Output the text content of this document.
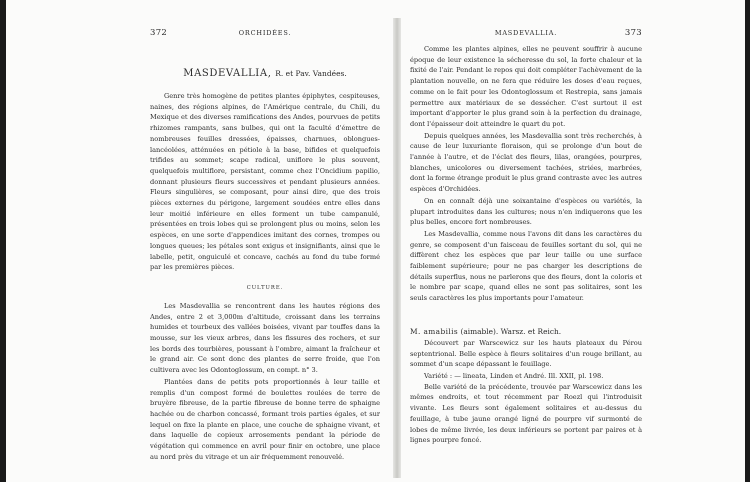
372	ORCHIDÉES.
MASDEVALLIA, R. et Pav. Vandées.

Genre très homogène de petites plantes épiphytes, cespiteuses, naines, des régions alpines, de l'Amérique centrale, du Chili, du Mexique et des diverses ramifications des Andes, pourvues de petits rhizomes rampants, sans bulbes, qui ont la faculté d'émettre de nombreuses feuilles dressées, épaisses, charnues, oblongues-lancéolées, atténuées en pétiole à la base, bifides et quelquefois trifides au sommet; scape radical, uniflore le plus souvent, quelquefois multiflore, persistant, comme chez l'Oncidium papilio, donnant plusieurs fleurs successives et pendant plusieurs années. Fleurs singulières, se composant, pour ainsi dire, que des trois pièces externes du périgone, largement soudées entre elles dans leur moitié inférieure en elles forment un tube campanulé, présentées en trois lobes qui se prolongent plus ou moins, selon les espèces, en une sorte d'appendices imitant des cornes, trompes ou longues queues; les pétales sont exigus et insignifiants, ainsi que le labelle, petit, onguiculé et concave, cachés au fond du tube formé par les premières pièces.

CULTURE.

Les Masdevallia se rencontrent dans les hautes régions des Andes, entre 2 et 3,000m d'altitude, croissant dans les terrains humides et tourbeux des vallées boisées, vivant par touffes dans la mousse, sur les vieux arbres, dans les fissures des rochers, et sur les bords des tourbières, poussant à l'ombre, aimant la fraîcheur et le grand air. Ce sont donc des plantes de serre froide, que l'on cultivera avec les Odontoglossum, en compt. n° 3.

Plantées dans de petits pots proportionnés à leur taille et remplis d'un compost formé de boulettes roulées de terre de bruyère fibreuse, de la partie fibreuse de bonne terre de sphaigne hachée ou de charbon concassé, formant trois parties égales, et sur lequel on fixe la plante en place, une couche de sphaigne vivant, et dans laquelle de copieux arrosements pendant la période de végétation qui commence en avril pour finir en octobre, une place au nord près du vitrage et un air fréquemment renouvelé.

MASDEVALLIA.	373

Comme les plantes alpines, elles ne peuvent souffrir à aucune époque de leur existence la sécheresse du sol, la forte chaleur et la fixité de l'air. Pendant le repos qui doit compléter l'achèvement de la plantation nouvelle, on ne fera que réduire les doses d'eau reçues, comme on le fait pour les Odontoglossum et Restrepia, sans jamais permettre aux matériaux de se dessécher. C'est surtout il est important d'apporter le plus grand soin à la perfection du drainage, dont l'épaisseur doit atteindre le quart du pot.

Depuis quelques années, les Masdevallia sont très recherchés, à cause de leur luxuriante floraison, qui se prolonge d'un bout de l'année à l'autre, et de l'éclat des fleurs, lilas, orangées, pourpres, blanches, unicolores ou diversement tachées, striées, marbrées, dont la forme étrange produit le plus grand contraste avec les autres espèces d'Orchidées.

On en connaît déjà une soixantaine d'espèces ou variétés, la plupart introduites dans les cultures; nous n'en indiquerons que les plus belles, encore fort nombreuses.

Les Masdevallia, comme nous l'avons dit dans les caractères du genre, se composent d'un faisceau de feuilles sortant du sol, qui ne diffèrent chez les espèces que par leur taille ou une surface faiblement supérieure; pour ne pas charger les descriptions de détails superflus, nous ne parlerons que des fleurs, dont la coloris et le nombre par scape, quand elles ne sont pas solitaires, sont les seuls caractères les plus importants pour l'amateur.

M. amabilis (aimable). Warsz. et Reich.

Découvert par Warscewicz sur les hauts plateaux du Pérou septentrional. Belle espèce à fleurs solitaires d'un rouge brillant, au sommet d'un scape dépassant le feuillage.

Variété : — lineata, Linden et André. Ill. XXII, pl. 198.

Belle variété de la précédente, trouvée par Warscewicz dans les mêmes endroits, et tout récemment par Roezl qui l'introduisit vivante. Les fleurs sont également solitaires et au-dessus du feuillage, à tube jaune orangé ligné de pourpre vif surmonté de lobes de même livrée, les deux inférieurs se portent par paires et à lignes pourpre foncé.
